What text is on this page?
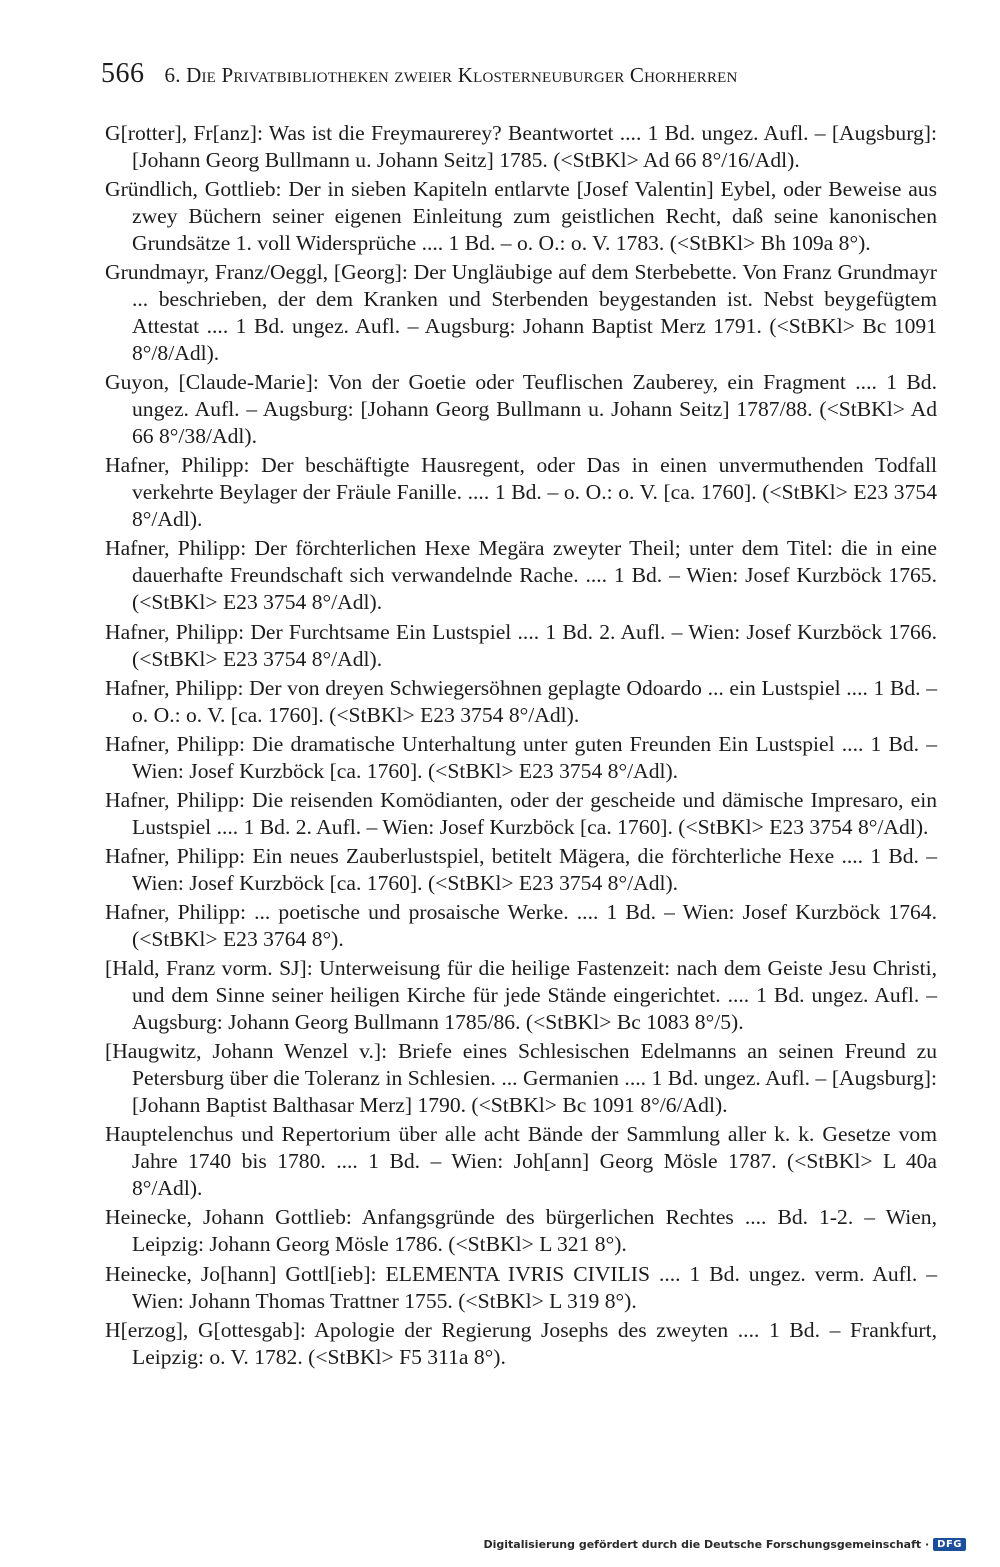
566 6. Die Privatbibliotheken zweier Klosterneuburger Chorherren

G[rotter], Fr[anz]: Was ist die Freymaurerey? Beantwortet .... 1 Bd. ungez. Aufl. – [Augsburg]: [Johann Georg Bullmann u. Johann Seitz] 1785. (<StBKl> Ad 66 8°/16/Adl).

Gründlich, Gottlieb: Der in sieben Kapiteln entlarvte [Josef Valentin] Eybel, oder Beweise aus zwey Büchern seiner eigenen Einleitung zum geistlichen Recht, daß seine kanonischen Grundsätze 1. voll Widersprüche .... 1 Bd. – o. O.: o. V. 1783. (<StBKl> Bh 109a 8°).

Grundmayr, Franz/Oeggl, [Georg]: Der Ungläubige auf dem Sterbebette. Von Franz Grundmayr ... beschrieben, der dem Kranken und Sterbenden beygestanden ist. Nebst beygefügtem Attestat .... 1 Bd. ungez. Aufl. – Augsburg: Johann Baptist Merz 1791. (<StBKl> Bc 1091 8°/8/Adl).

Guyon, [Claude-Marie]: Von der Goetie oder Teuflischen Zauberey, ein Fragment .... 1 Bd. ungez. Aufl. – Augsburg: [Johann Georg Bullmann u. Johann Seitz] 1787/88. (<StBKl> Ad 66 8°/38/Adl).

Hafner, Philipp: Der beschäftigte Hausregent, oder Das in einen unvermuthenden Todfall verkehrte Beylager der Fräule Fanille. .... 1 Bd. – o. O.: o. V. [ca. 1760]. (<StBKl> E23 3754 8°/Adl).

Hafner, Philipp: Der förchterlichen Hexe Megära zweyter Theil; unter dem Titel: die in eine dauerhafte Freundschaft sich verwandelnde Rache. .... 1 Bd. – Wien: Josef Kurzböck 1765. (<StBKl> E23 3754 8°/Adl).

Hafner, Philipp: Der Furchtsame Ein Lustspiel .... 1 Bd. 2. Aufl. – Wien: Josef Kurzböck 1766. (<StBKl> E23 3754 8°/Adl).

Hafner, Philipp: Der von dreyen Schwiegersöhnen geplagte Odoardo ... ein Lustspiel .... 1 Bd. – o. O.: o. V. [ca. 1760]. (<StBKl> E23 3754 8°/Adl).

Hafner, Philipp: Die dramatische Unterhaltung unter guten Freunden Ein Lustspiel .... 1 Bd. – Wien: Josef Kurzböck [ca. 1760]. (<StBKl> E23 3754 8°/Adl).

Hafner, Philipp: Die reisenden Komödianten, oder der gescheide und dämische Impresaro, ein Lustspiel .... 1 Bd. 2. Aufl. – Wien: Josef Kurzböck [ca. 1760]. (<StBKl> E23 3754 8°/Adl).

Hafner, Philipp: Ein neues Zauberlustspiel, betitelt Mägera, die förchterliche Hexe .... 1 Bd. – Wien: Josef Kurzböck [ca. 1760]. (<StBKl> E23 3754 8°/Adl).

Hafner, Philipp: ... poetische und prosaische Werke. .... 1 Bd. – Wien: Josef Kurzböck 1764. (<StBKl> E23 3764 8°).

[Hald, Franz vorm. SJ]: Unterweisung für die heilige Fastenzeit: nach dem Geiste Jesu Christi, und dem Sinne seiner heiligen Kirche für jede Stände eingerichtet. .... 1 Bd. ungez. Aufl. – Augsburg: Johann Georg Bullmann 1785/86. (<StBKl> Bc 1083 8°/5).

[Haugwitz, Johann Wenzel v.]: Briefe eines Schlesischen Edelmanns an seinen Freund zu Petersburg über die Toleranz in Schlesien. ... Germanien .... 1 Bd. ungez. Aufl. – [Augsburg]: [Johann Baptist Balthasar Merz] 1790. (<StBKl> Bc 1091 8°/6/Adl).

Hauptelenchus und Repertorium über alle acht Bände der Sammlung aller k. k. Gesetze vom Jahre 1740 bis 1780. .... 1 Bd. – Wien: Joh[ann] Georg Mösle 1787. (<StBKl> L 40a 8°/Adl).

Heinecke, Johann Gottlieb: Anfangsgründe des bürgerlichen Rechtes .... Bd. 1-2. – Wien, Leipzig: Johann Georg Mösle 1786. (<StBKl> L 321 8°).

Heinecke, Jo[hann] Gottl[ieb]: ELEMENTA IVRIS CIVILIS .... 1 Bd. ungez. verm. Aufl. – Wien: Johann Thomas Trattner 1755. (<StBKl> L 319 8°).

H[erzog], G[ottesgab]: Apologie der Regierung Josephs des zweyten .... 1 Bd. – Frankfurt, Leipzig: o. V. 1782. (<StBKl> F5 311a 8°).

Digitalisierung gefördert durch die Deutsche Forschungsgemeinschaft · DFG
